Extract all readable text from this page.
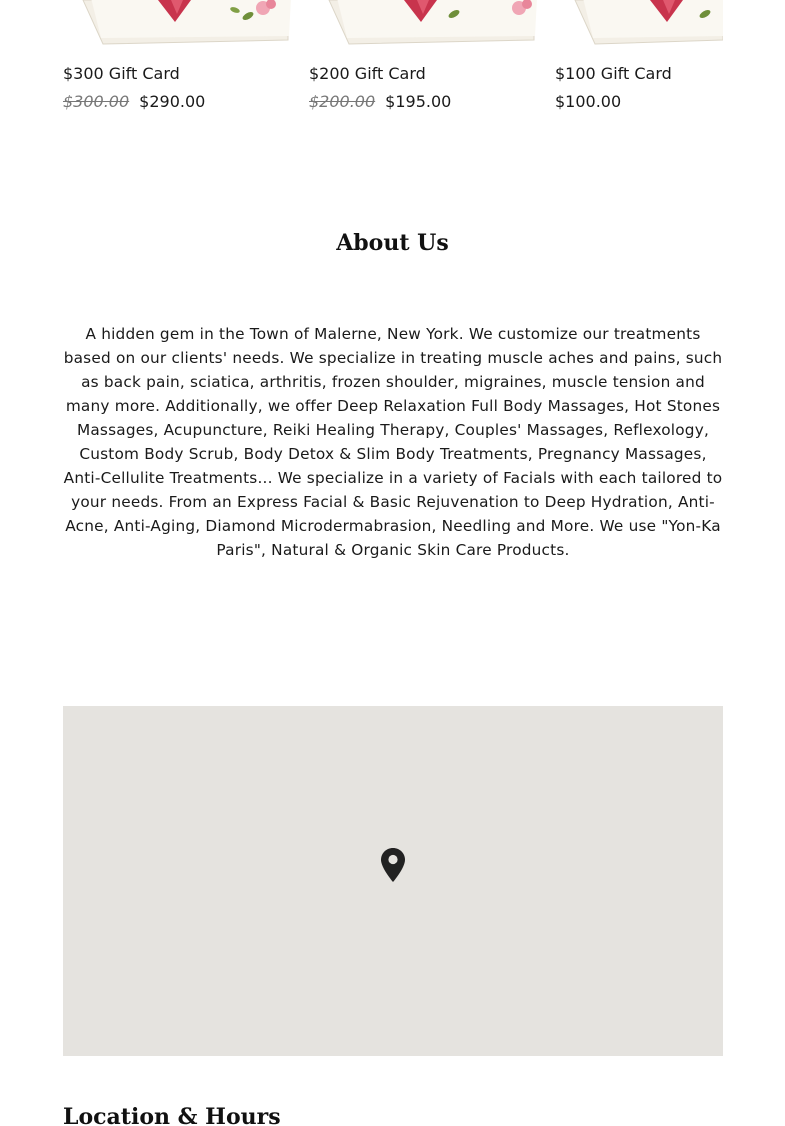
$300 Gift Card
$300.00 $290.00
$200 Gift Card
$200.00 $195.00
$100 Gift Card
$100.00
About Us

A hidden gem in the Town of Malerne, New York. We customize our treatments based on our clients' needs. We specialize in treating muscle aches and pains, such as back pain, sciatica, arthritis, frozen shoulder, migraines, muscle tension and many more. Additionally, we offer Deep Relaxation Full Body Massages, Hot Stones Massages, Acupuncture, Reiki Healing Therapy, Couples' Massages, Reflexology, Custom Body Scrub, Body Detox & Slim Body Treatments, Pregnancy Massages, Anti-Cellulite Treatments... We specialize in a variety of Facials with each tailored to your needs. From an Express Facial & Basic Rejuvenation to Deep Hydration, Anti-Acne, Anti-Aging, Diamond Microdermabrasion, Needling and More. We use "Yon-Ka Paris", Natural & Organic Skin Care Products.

Location & Hours
